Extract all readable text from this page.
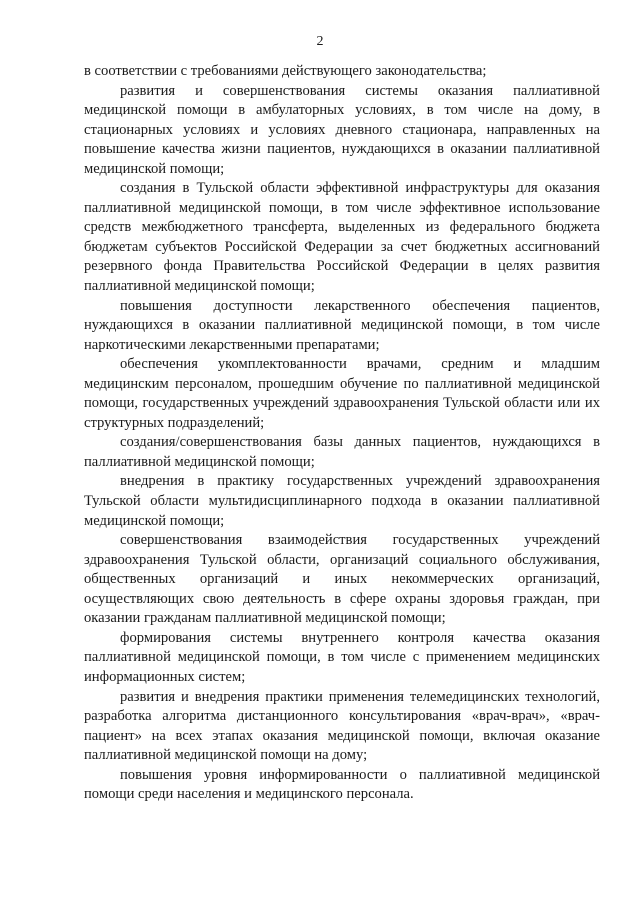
2

в соответствии с требованиями действующего законодательства;

развития и совершенствования системы оказания паллиативной медицинской помощи в амбулаторных условиях, в том числе на дому, в стационарных условиях и условиях дневного стационара, направленных на повышение качества жизни пациентов, нуждающихся в оказании паллиативной медицинской помощи;

создания в Тульской области эффективной инфраструктуры для оказания паллиативной медицинской помощи, в том числе эффективное использование средств межбюджетного трансферта, выделенных из федерального бюджета бюджетам субъектов Российской Федерации за счет бюджетных ассигнований резервного фонда Правительства Российской Федерации в целях развития паллиативной медицинской помощи;

повышения доступности лекарственного обеспечения пациентов, нуждающихся в оказании паллиативной медицинской помощи, в том числе наркотическими лекарственными препаратами;

обеспечения укомплектованности врачами, средним и младшим медицинским персоналом, прошедшим обучение по паллиативной медицинской помощи, государственных учреждений здравоохранения Тульской области или их структурных подразделений;

создания/совершенствования базы данных пациентов, нуждающихся в паллиативной медицинской помощи;

внедрения в практику государственных учреждений здравоохранения Тульской области мультидисциплинарного подхода в оказании паллиативной медицинской помощи;

совершенствования взаимодействия государственных учреждений здравоохранения Тульской области, организаций социального обслуживания, общественных организаций и иных некоммерческих организаций, осуществляющих свою деятельность в сфере охраны здоровья граждан, при оказании гражданам паллиативной медицинской помощи;

формирования системы внутреннего контроля качества оказания паллиативной медицинской помощи, в том числе с применением медицинских информационных систем;

развития и внедрения практики применения телемедицинских технологий, разработка алгоритма дистанционного консультирования «врач-врач», «врач-пациент» на всех этапах оказания медицинской помощи, включая оказание паллиативной медицинской помощи на дому;

повышения уровня информированности о паллиативной медицинской помощи среди населения и медицинского персонала.
